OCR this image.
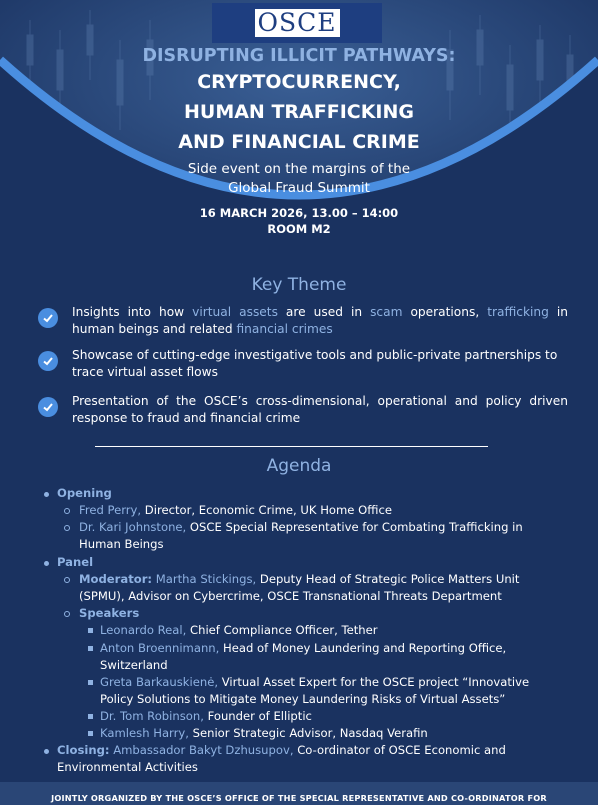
OSCE
DISRUPTING ILLICIT PATHWAYS:
CRYPTOCURRENCY,
HUMAN TRAFFICKING
AND FINANCIAL CRIME
Side event on the margins of the
Global Fraud Summit
16 MARCH 2026, 13.00 – 14:00
ROOM M2
Key Theme
Insights into how virtual assets are used in scam operations, trafficking in human beings and related financial crimes
Showcase of cutting-edge investigative tools and public-private partnerships to trace virtual asset flows
Presentation of the OSCE’s cross-dimensional, operational and policy driven response to fraud and financial crime
Agenda
Opening
Fred Perry, Director, Economic Crime, UK Home Office
Dr. Kari Johnstone, OSCE Special Representative for Combating Trafficking in
Human Beings
Panel
Moderator: Martha Stickings, Deputy Head of Strategic Police Matters Unit
(SPMU), Advisor on Cybercrime, OSCE Transnational Threats Department
Speakers
Leonardo Real, Chief Compliance Officer, Tether
Anton Broennimann, Head of Money Laundering and Reporting Office,
Switzerland
Greta Barkauskienė, Virtual Asset Expert for the OSCE project “Innovative
Policy Solutions to Mitigate Money Laundering Risks of Virtual Assets”
Dr. Tom Robinson, Founder of Elliptic
Kamlesh Harry, Senior Strategic Advisor, Nasdaq Verafin
Closing: Ambassador Bakyt Dzhusupov, Co-ordinator of OSCE Economic and
Environmental Activities
JOINTLY ORGANIZED BY THE OSCE’S OFFICE OF THE SPECIAL REPRESENTATIVE AND CO-ORDINATOR FOR
